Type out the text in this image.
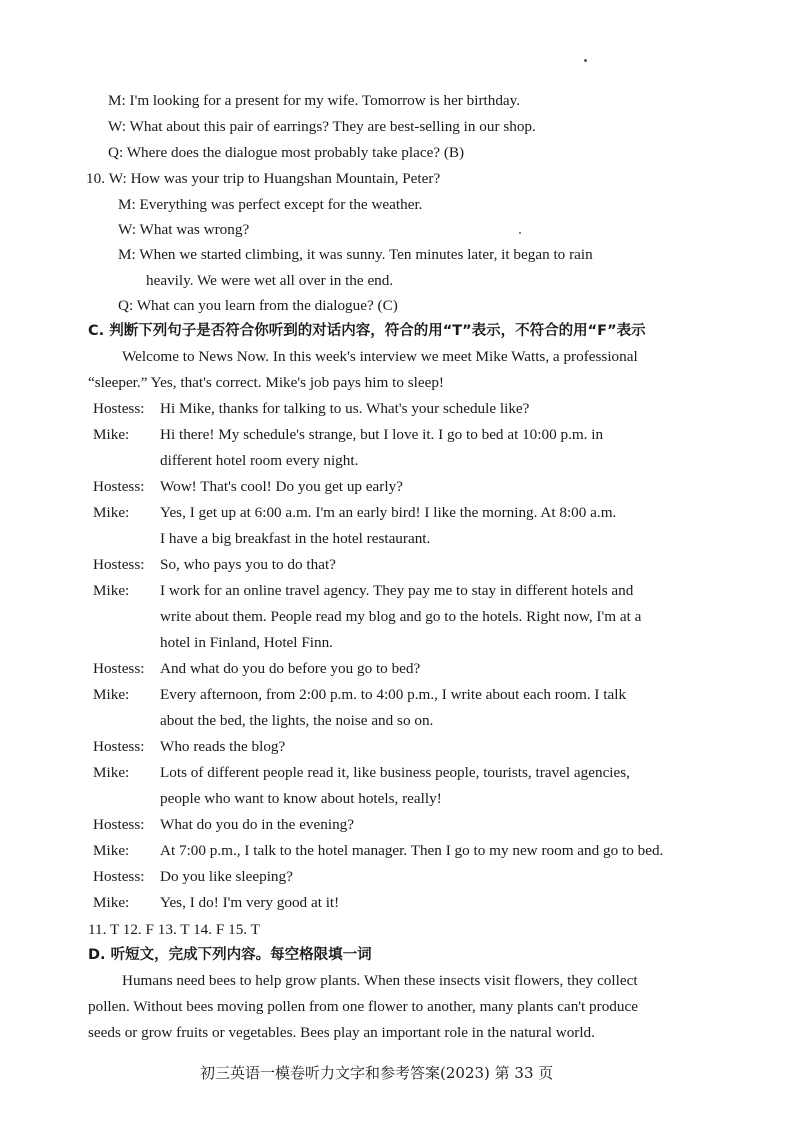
M: I'm looking for a present for my wife. Tomorrow is her birthday.
W: What about this pair of earrings? They are best-selling in our shop.
Q: Where does the dialogue most probably take place? (B)
10. W: How was your trip to Huangshan Mountain, Peter?
M: Everything was perfect except for the weather.
W: What was wrong?
M: When we started climbing, it was sunny. Ten minutes later, it began to rain
heavily. We were wet all over in the end.
Q: What can you learn from the dialogue? (C)
C. 判断下列句子是否符合你听到的对话内容，符合的用“T”表示，不符合的用“F”表示
Welcome to News Now. In this week's interview we meet Mike Watts, a professional
“sleeper.” Yes, that's correct. Mike's job pays him to sleep!
Hostess: Hi Mike, thanks for talking to us. What's your schedule like?
Mike: Hi there! My schedule's strange, but I love it. I go to bed at 10:00 p.m. in
different hotel room every night.
Hostess: Wow! That's cool! Do you get up early?
Mike: Yes, I get up at 6:00 a.m. I'm an early bird! I like the morning. At 8:00 a.m.
I have a big breakfast in the hotel restaurant.
Hostess: So, who pays you to do that?
Mike: I work for an online travel agency. They pay me to stay in different hotels and
write about them. People read my blog and go to the hotels. Right now, I'm at a
hotel in Finland, Hotel Finn.
Hostess: And what do you do before you go to bed?
Mike: Every afternoon, from 2:00 p.m. to 4:00 p.m., I write about each room. I talk
about the bed, the lights, the noise and so on.
Hostess: Who reads the blog?
Mike: Lots of different people read it, like business people, tourists, travel agencies,
people who want to know about hotels, really!
Hostess: What do you do in the evening?
Mike: At 7:00 p.m., I talk to the hotel manager. Then I go to my new room and go to bed.
Hostess: Do you like sleeping?
Mike: Yes, I do! I'm very good at it!
11. T 12. F 13. T 14. F 15. T
D. 听短文，完成下列内容。每空格限填一词
Humans need bees to help grow plants. When these insects visit flowers, they collect
pollen. Without bees moving pollen from one flower to another, many plants can't produce
seeds or grow fruits or vegetables. Bees play an important role in the natural world.
初三英语一模卷听力文字和参考答案(2023) 第 33 页
